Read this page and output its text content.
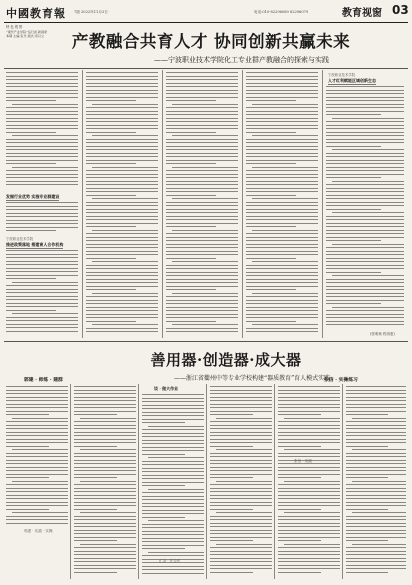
中國教育報 7版 2022年11月3日	电话:010-82296080 82296079	教育视窗 03
特 色 观 察
“现代产业学院”巡行录·新探索
本期 主编:张乐 版式:邓以立	产教融合共育人才 协同创新共赢未来
——宁波职业技术学院化工专业群产教融合的探索与实践
发掘行业优势 实施专业群建设
宁波职业技术学院
推进政策落地 搭建育人合作机构
宁波职业技术学院
人才红利赋能区域创新生态
(张明杨 程再惠)
善用器·创造器·成大器
——浙江省衢州中等专业学校构建“器质教育”育人模式实践
郭建 · 师练 · 建群	张信 · 实操练习
谈 · 做大作业
郭建 · 实践 · 实操
汇金 · 在合作
张信 · 实践
